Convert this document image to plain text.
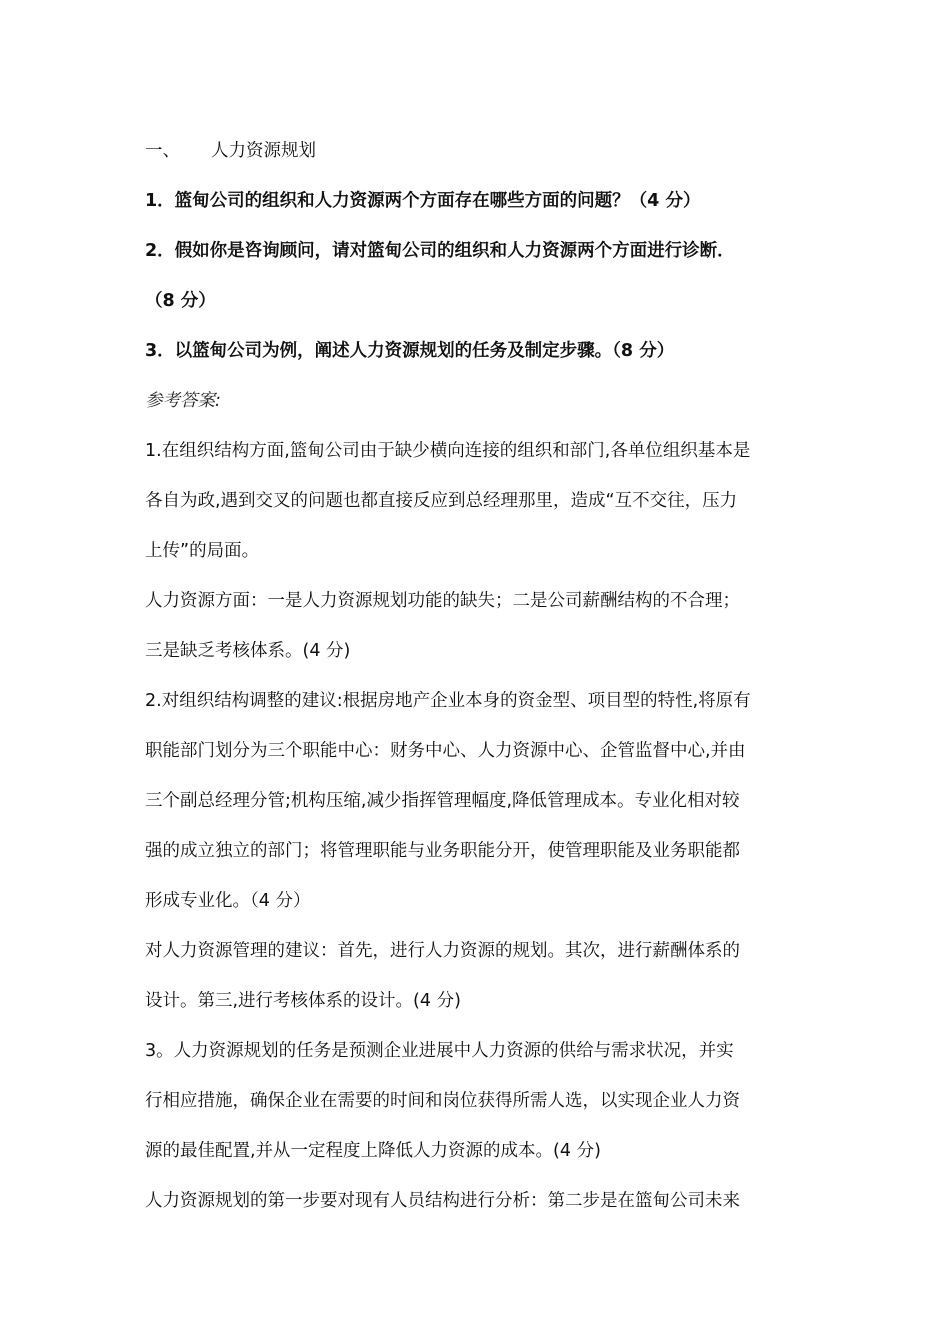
一、 人力资源规划
1．篮甸公司的组织和人力资源两个方面存在哪些方面的问题？（4 分）
2．假如你是咨询顾问，请对篮甸公司的组织和人力资源两个方面进行诊断．
（8 分）
3．以篮甸公司为例，阐述人力资源规划的任务及制定步骤。（8 分）
参考答案:
1.在组织结构方面,篮甸公司由于缺少横向连接的组织和部门,各单位组织基本是
各自为政,遇到交叉的问题也都直接反应到总经理那里，造成“互不交往，压力
上传”的局面。
人力资源方面：一是人力资源规划功能的缺失；二是公司薪酬结构的不合理；
三是缺乏考核体系。(4 分)
2.对组织结构调整的建议:根据房地产企业本身的资金型、项目型的特性,将原有
职能部门划分为三个职能中心：财务中心、人力资源中心、企管监督中心,并由
三个副总经理分管;机构压缩,减少指挥管理幅度,降低管理成本。专业化相对较
强的成立独立的部门；将管理职能与业务职能分开，使管理职能及业务职能都
形成专业化。（4 分）
对人力资源管理的建议：首先，进行人力资源的规划。其次，进行薪酬体系的
设计。第三,进行考核体系的设计。(4 分)
3。人力资源规划的任务是预测企业进展中人力资源的供给与需求状况，并实
行相应措施，确保企业在需要的时间和岗位获得所需人选，以实现企业人力资
源的最佳配置,并从一定程度上降低人力资源的成本。(4 分)
人力资源规划的第一步要对现有人员结构进行分析：第二步是在篮甸公司未来
